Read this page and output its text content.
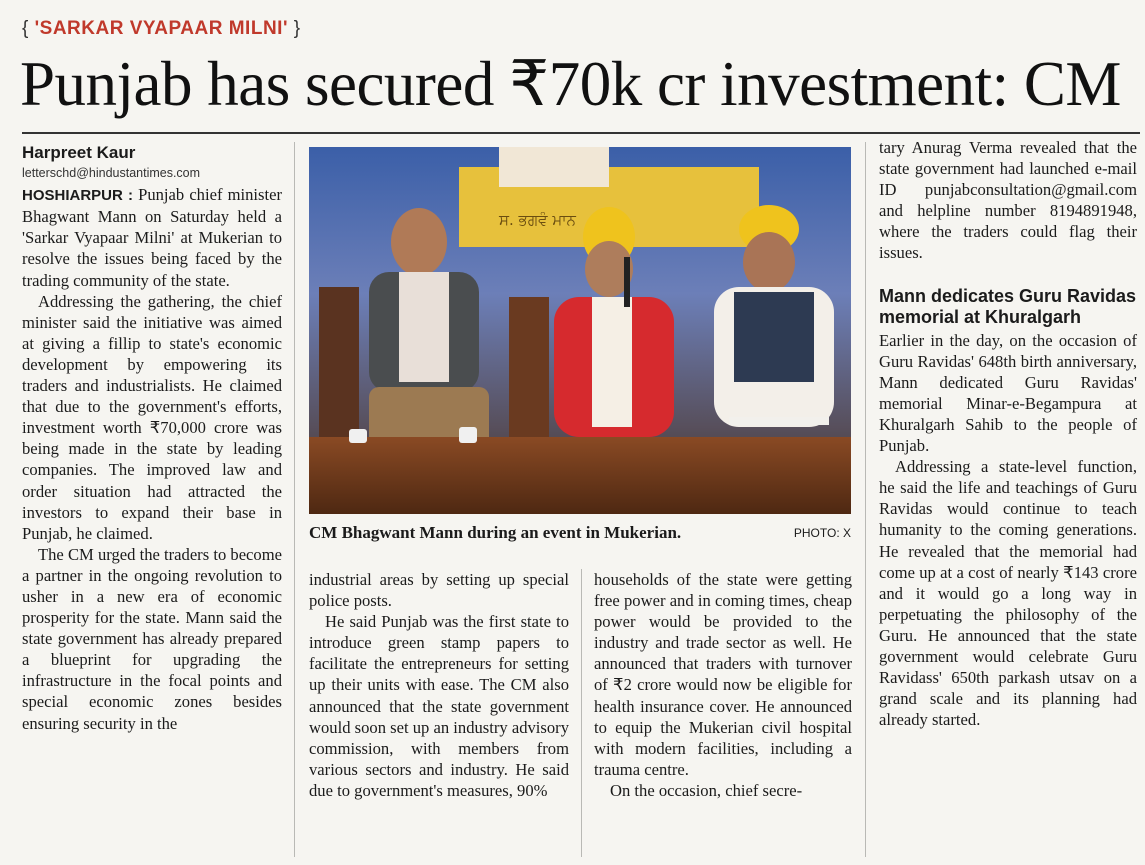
{ 'SARKAR VYAPAAR MILNI' }
Punjab has secured ₹70k cr investment: CM

Harpreet Kaur

letterschd@hindustantimes.com

HOSHIARPUR : Punjab chief minister Bhagwant Mann on Saturday held a 'Sarkar Vyapaar Milni' at Mukerian to resolve the issues being faced by the trading community of the state.

Addressing the gathering, the chief minister said the initiative was aimed at giving a fillip to state's economic development by empowering its traders and industrialists. He claimed that due to the government's efforts, investment worth ₹70,000 crore was being made in the state by leading companies. The improved law and order situation had attracted the investors to expand their base in Punjab, he claimed.

The CM urged the traders to become a partner in the ongoing revolution to usher in a new era of economic prosperity for the state. Mann said the state government has already prepared a blueprint for upgrading the infrastructure in the focal points and special economic zones besides ensuring security in the

ਸ. ਭਗਵੰ ਮਾਨ
CM Bhagwant Mann during an event in Mukerian.	PHOTO: X

industrial areas by setting up special police posts.

He said Punjab was the first state to introduce green stamp papers to facilitate the entrepreneurs for setting up their units with ease. The CM also announced that the state government would soon set up an industry advisory commission, with members from various sectors and industry. He said due to government's measures, 90%

households of the state were getting free power and in coming times, cheap power would be provided to the industry and trade sector as well. He announced that traders with turnover of ₹2 crore would now be eligible for health insurance cover. He announced to equip the Mukerian civil hospital with modern facilities, including a trauma centre.

On the occasion, chief secre-

tary Anurag Verma revealed that the state government had launched e-mail ID punjabconsultation@gmail.com and helpline number 8194891948, where the traders could flag their issues.

Mann dedicates Guru Ravidas memorial at Khuralgarh

Earlier in the day, on the occasion of Guru Ravidas' 648th birth anniversary, Mann dedicated Guru Ravidas' memorial Minar-e-Begampura at Khuralgarh Sahib to the people of Punjab.

Addressing a state-level function, he said the life and teachings of Guru Ravidas would continue to teach humanity to the coming generations. He revealed that the memorial had come up at a cost of nearly ₹143 crore and it would go a long way in perpetuating the philosophy of the Guru. He announced that the state government would celebrate Guru Ravidass' 650th parkash utsav on a grand scale and its planning had already started.
